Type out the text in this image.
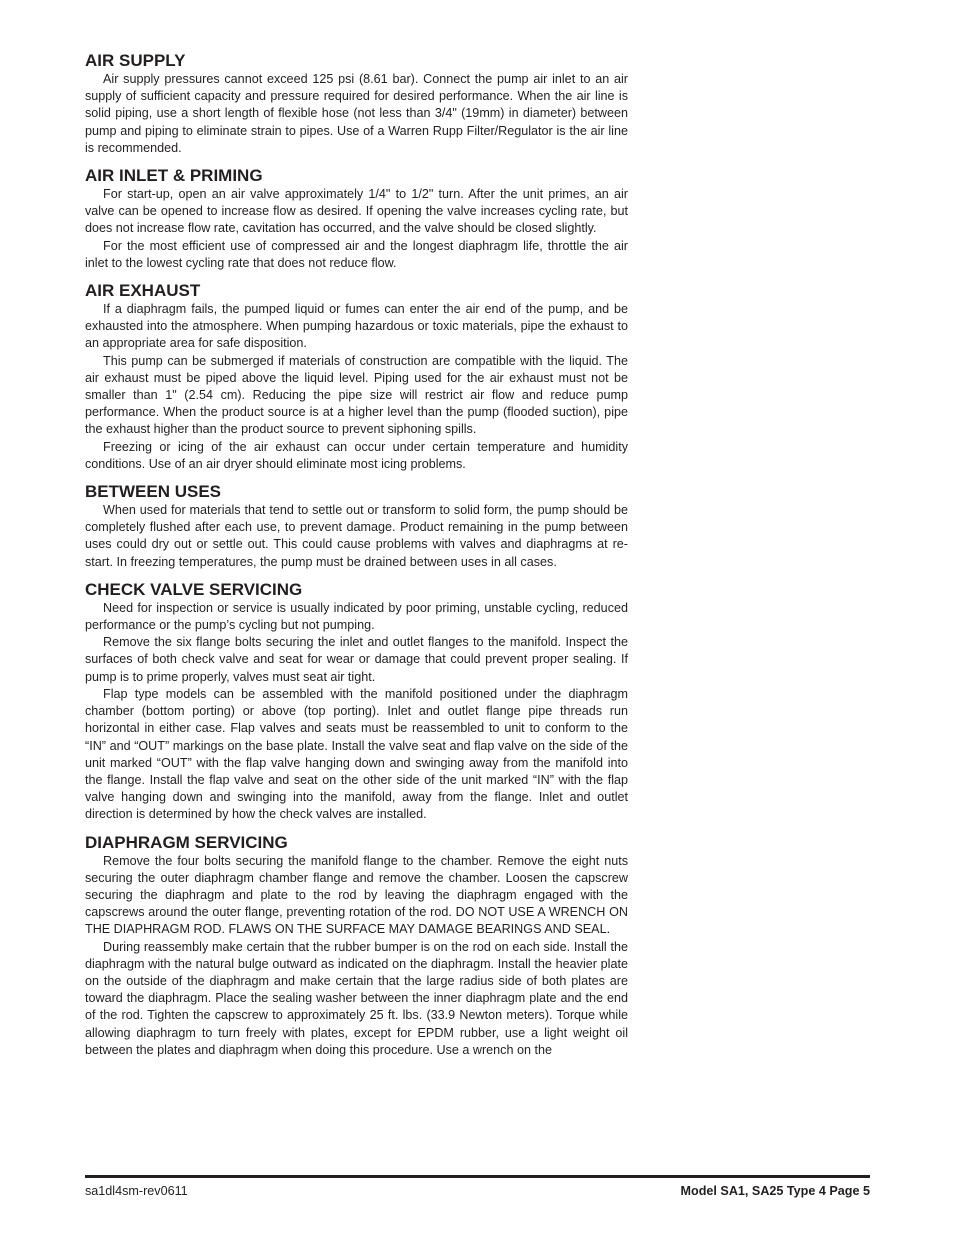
AIR SUPPLY

Air supply pressures cannot exceed 125 psi (8.61 bar). Connect the pump air inlet to an air supply of sufficient capacity and pressure required for desired performance. When the air line is solid piping, use a short length of flexible hose (not less than 3/4" (19mm) in diameter) between pump and piping to eliminate strain to pipes. Use of a Warren Rupp Filter/Regulator is the air line is recommended.

AIR INLET & PRIMING

For start-up, open an air valve approximately 1/4" to 1/2" turn. After the unit primes, an air valve can be opened to increase flow as desired. If opening the valve increases cycling rate, but does not increase flow rate, cavitation has occurred, and the valve should be closed slightly.

For the most efficient use of compressed air and the longest diaphragm life, throttle the air inlet to the lowest cycling rate that does not reduce flow.

AIR EXHAUST

If a diaphragm fails, the pumped liquid or fumes can enter the air end of the pump, and be exhausted into the atmosphere. When pumping hazardous or toxic materials, pipe the exhaust to an appropriate area for safe disposition.

This pump can be submerged if materials of construction are compatible with the liquid. The air exhaust must be piped above the liquid level. Piping used for the air exhaust must not be smaller than 1" (2.54 cm). Reducing the pipe size will restrict air flow and reduce pump performance. When the product source is at a higher level than the pump (flooded suction), pipe the exhaust higher than the product source to prevent siphoning spills.

Freezing or icing of the air exhaust can occur under certain temperature and humidity conditions. Use of an air dryer should eliminate most icing problems.

BETWEEN USES

When used for materials that tend to settle out or transform to solid form, the pump should be completely flushed after each use, to prevent damage. Product remaining in the pump between uses could dry out or settle out. This could cause problems with valves and diaphragms at re-start. In freezing temperatures, the pump must be drained between uses in all cases.

CHECK VALVE SERVICING

Need for inspection or service is usually indicated by poor priming, unstable cycling, reduced performance or the pump’s cycling but not pumping.

Remove the six flange bolts securing the inlet and outlet flanges to the manifold. Inspect the surfaces of both check valve and seat for wear or damage that could prevent proper sealing. If pump is to prime properly, valves must seat air tight.

Flap type models can be assembled with the manifold positioned under the diaphragm chamber (bottom porting) or above (top porting). Inlet and outlet flange pipe threads run horizontal in either case. Flap valves and seats must be reassembled to unit to conform to the “IN” and “OUT” markings on the base plate. Install the valve seat and flap valve on the side of the unit marked “OUT” with the flap valve hanging down and swinging away from the manifold into the flange. Install the flap valve and seat on the other side of the unit marked “IN” with the flap valve hanging down and swinging into the manifold, away from the flange. Inlet and outlet direction is determined by how the check valves are installed.

DIAPHRAGM SERVICING

Remove the four bolts securing the manifold flange to the chamber. Remove the eight nuts securing the outer diaphragm chamber flange and remove the chamber. Loosen the capscrew securing the diaphragm and plate to the rod by leaving the diaphragm engaged with the capscrews around the outer flange, preventing rotation of the rod. DO NOT USE A WRENCH ON THE DIAPHRAGM ROD. FLAWS ON THE SURFACE MAY DAMAGE BEARINGS AND SEAL.

During reassembly make certain that the rubber bumper is on the rod on each side. Install the diaphragm with the natural bulge outward as indicated on the diaphragm. Install the heavier plate on the outside of the diaphragm and make certain that the large radius side of both plates are toward the diaphragm. Place the sealing washer between the inner diaphragm plate and the end of the rod. Tighten the capscrew to approximately 25 ft. lbs. (33.9 Newton meters). Torque while allowing diaphragm to turn freely with plates, except for EPDM rubber, use a light weight oil between the plates and diaphragm when doing this procedure. Use a wrench on the

sa1dl4sm-rev0611	Model SA1, SA25 Type 4 Page 5
